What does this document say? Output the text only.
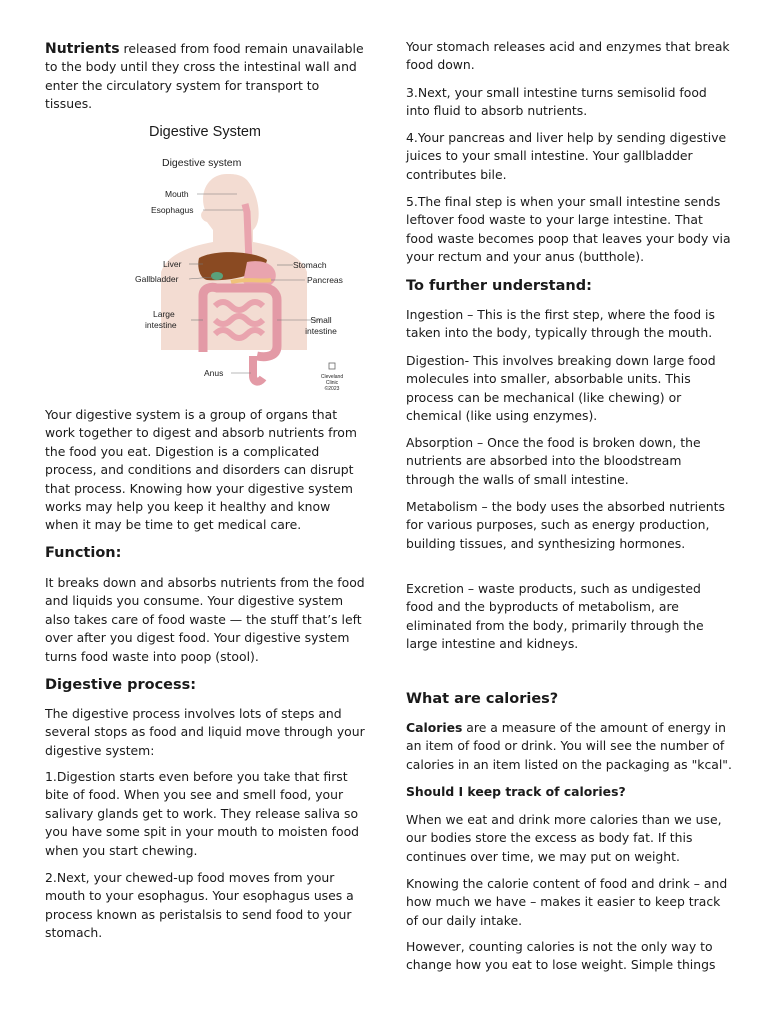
Nutrients released from food remain unavailable to the body until they cross the intestinal wall and enter the circulatory system for transport to tissues.

Digestive System
Digestive system
Mouth
Esophagus
Liver
Gallbladder
Large
intestine
Anus
Stomach
Pancreas
Small
intestine
Cleveland
Clinic
©2023

Your digestive system is a group of organs that work together to digest and absorb nutrients from the food you eat. Digestion is a complicated process, and conditions and disorders can disrupt that process. Knowing how your digestive system works may help you keep it healthy and know when it may be time to get medical care.

Function:

It breaks down and absorbs nutrients from the food and liquids you consume. Your digestive system also takes care of food waste — the stuff that’s left over after you digest food. Your digestive system turns food waste into poop (stool).

Digestive process:

The digestive process involves lots of steps and several stops as food and liquid move through your digestive system:

1.Digestion starts even before you take that first bite of food. When you see and smell food, your salivary glands get to work. They release saliva so you have some spit in your mouth to moisten food when you start chewing.

2.Next, your chewed-up food moves from your mouth to your esophagus. Your esophagus uses a process known as peristalsis to send food to your stomach.

Your stomach releases acid and enzymes that break food down.

3.Next, your small intestine turns semisolid food into fluid to absorb nutrients.

4.Your pancreas and liver help by sending digestive juices to your small intestine. Your gallbladder contributes bile.

5.The final step is when your small intestine sends leftover food waste to your large intestine. That food waste becomes poop that leaves your body via your rectum and your anus (butthole).

To further understand:

Ingestion – This is the first step, where the food is taken into the body, typically through the mouth.

Digestion- This involves breaking down large food molecules into smaller, absorbable units. This process can be mechanical (like chewing) or chemical (like using enzymes).

Absorption – Once the food is broken down, the nutrients are absorbed into the bloodstream through the walls of small intestine.

Metabolism – the body uses the absorbed nutrients for various purposes, such as energy production, building tissues, and synthesizing hormones.

Excretion – waste products, such as undigested food and the byproducts of metabolism, are eliminated from the body, primarily through the large intestine and kidneys.

What are calories?

Calories are a measure of the amount of energy in an item of food or drink. You will see the number of calories in an item listed on the packaging as "kcal".

Should I keep track of calories?

When we eat and drink more calories than we use, our bodies store the excess as body fat. If this continues over time, we may put on weight.

Knowing the calorie content of food and drink – and how much we have – makes it easier to keep track of our daily intake.

However, counting calories is not the only way to change how you eat to lose weight. Simple things
